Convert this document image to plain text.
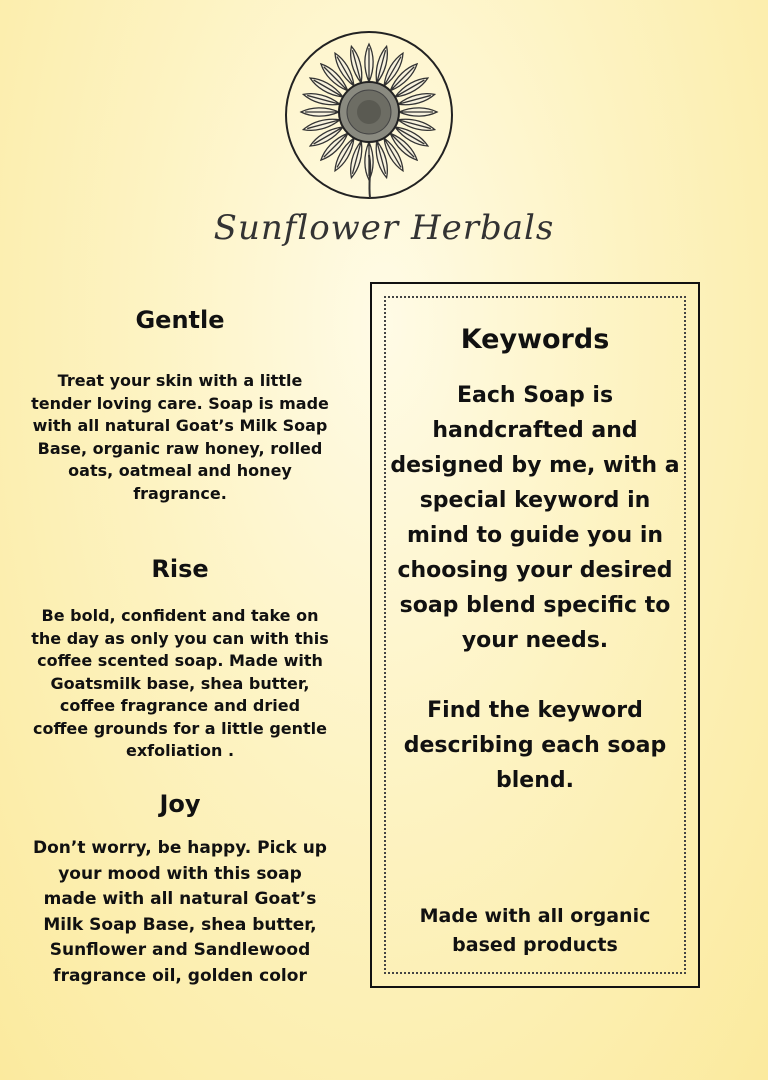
Sunflower Herbals
Gentle

Treat your skin with a little tender loving care. Soap is made with all natural Goat’s Milk Soap Base, organic raw honey, rolled oats, oatmeal and honey fragrance.

Rise

Be bold, confident and take on the day as only you can with this coffee scented soap. Made with Goatsmilk base, shea butter, coffee fragrance and dried coffee grounds for a little gentle exfoliation .

Joy

Don’t worry, be happy. Pick up your mood with this soap made with all natural Goat’s Milk Soap Base, shea butter, Sunflower and Sandlewood fragrance oil, golden color

Keywords
Each Soap is handcrafted and designed by me, with a special keyword in mind to guide you in choosing your desired soap blend specific to your needs.

Find the keyword describing each soap blend.
Made with all organic based products
